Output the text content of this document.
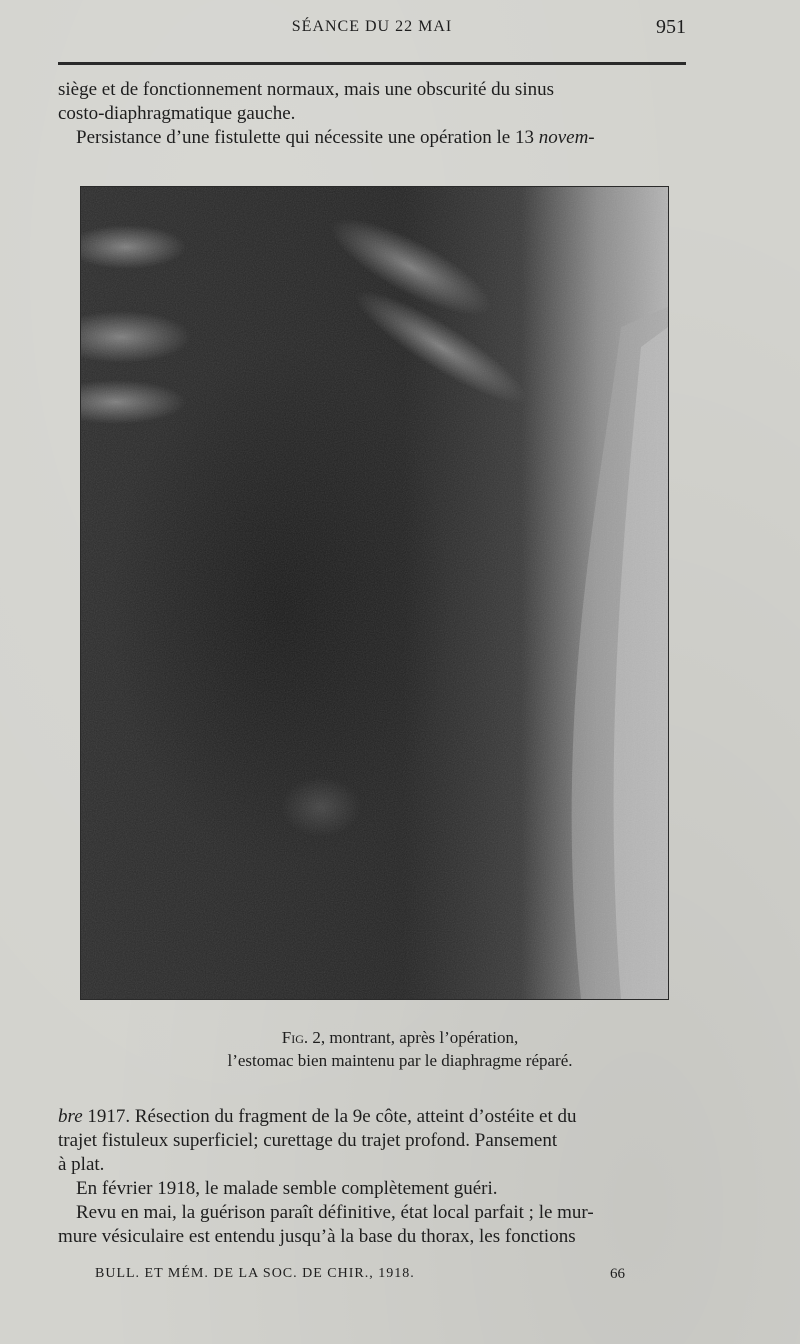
SÉANCE DU 22 MAI	951

siège et de fonctionnement normaux, mais une obscurité du sinus

costo-diaphragmatique gauche.

Persistance d’une fistulette qui nécessite une opération le 13 novem-

Fig. 2, montrant, après l’opération,
l’estomac bien maintenu par le diaphragme réparé.

bre 1917. Résection du fragment de la 9e côte, atteint d’ostéite et du

trajet fistuleux superficiel; curettage du trajet profond. Pansement

à plat.

En février 1918, le malade semble complètement guéri.

Revu en mai, la guérison paraît définitive, état local parfait ; le mur-

mure vésiculaire est entendu jusqu’à la base du thorax, les fonctions

BULL. ET MÉM. DE LA SOC. DE CHIR., 1918.	66
